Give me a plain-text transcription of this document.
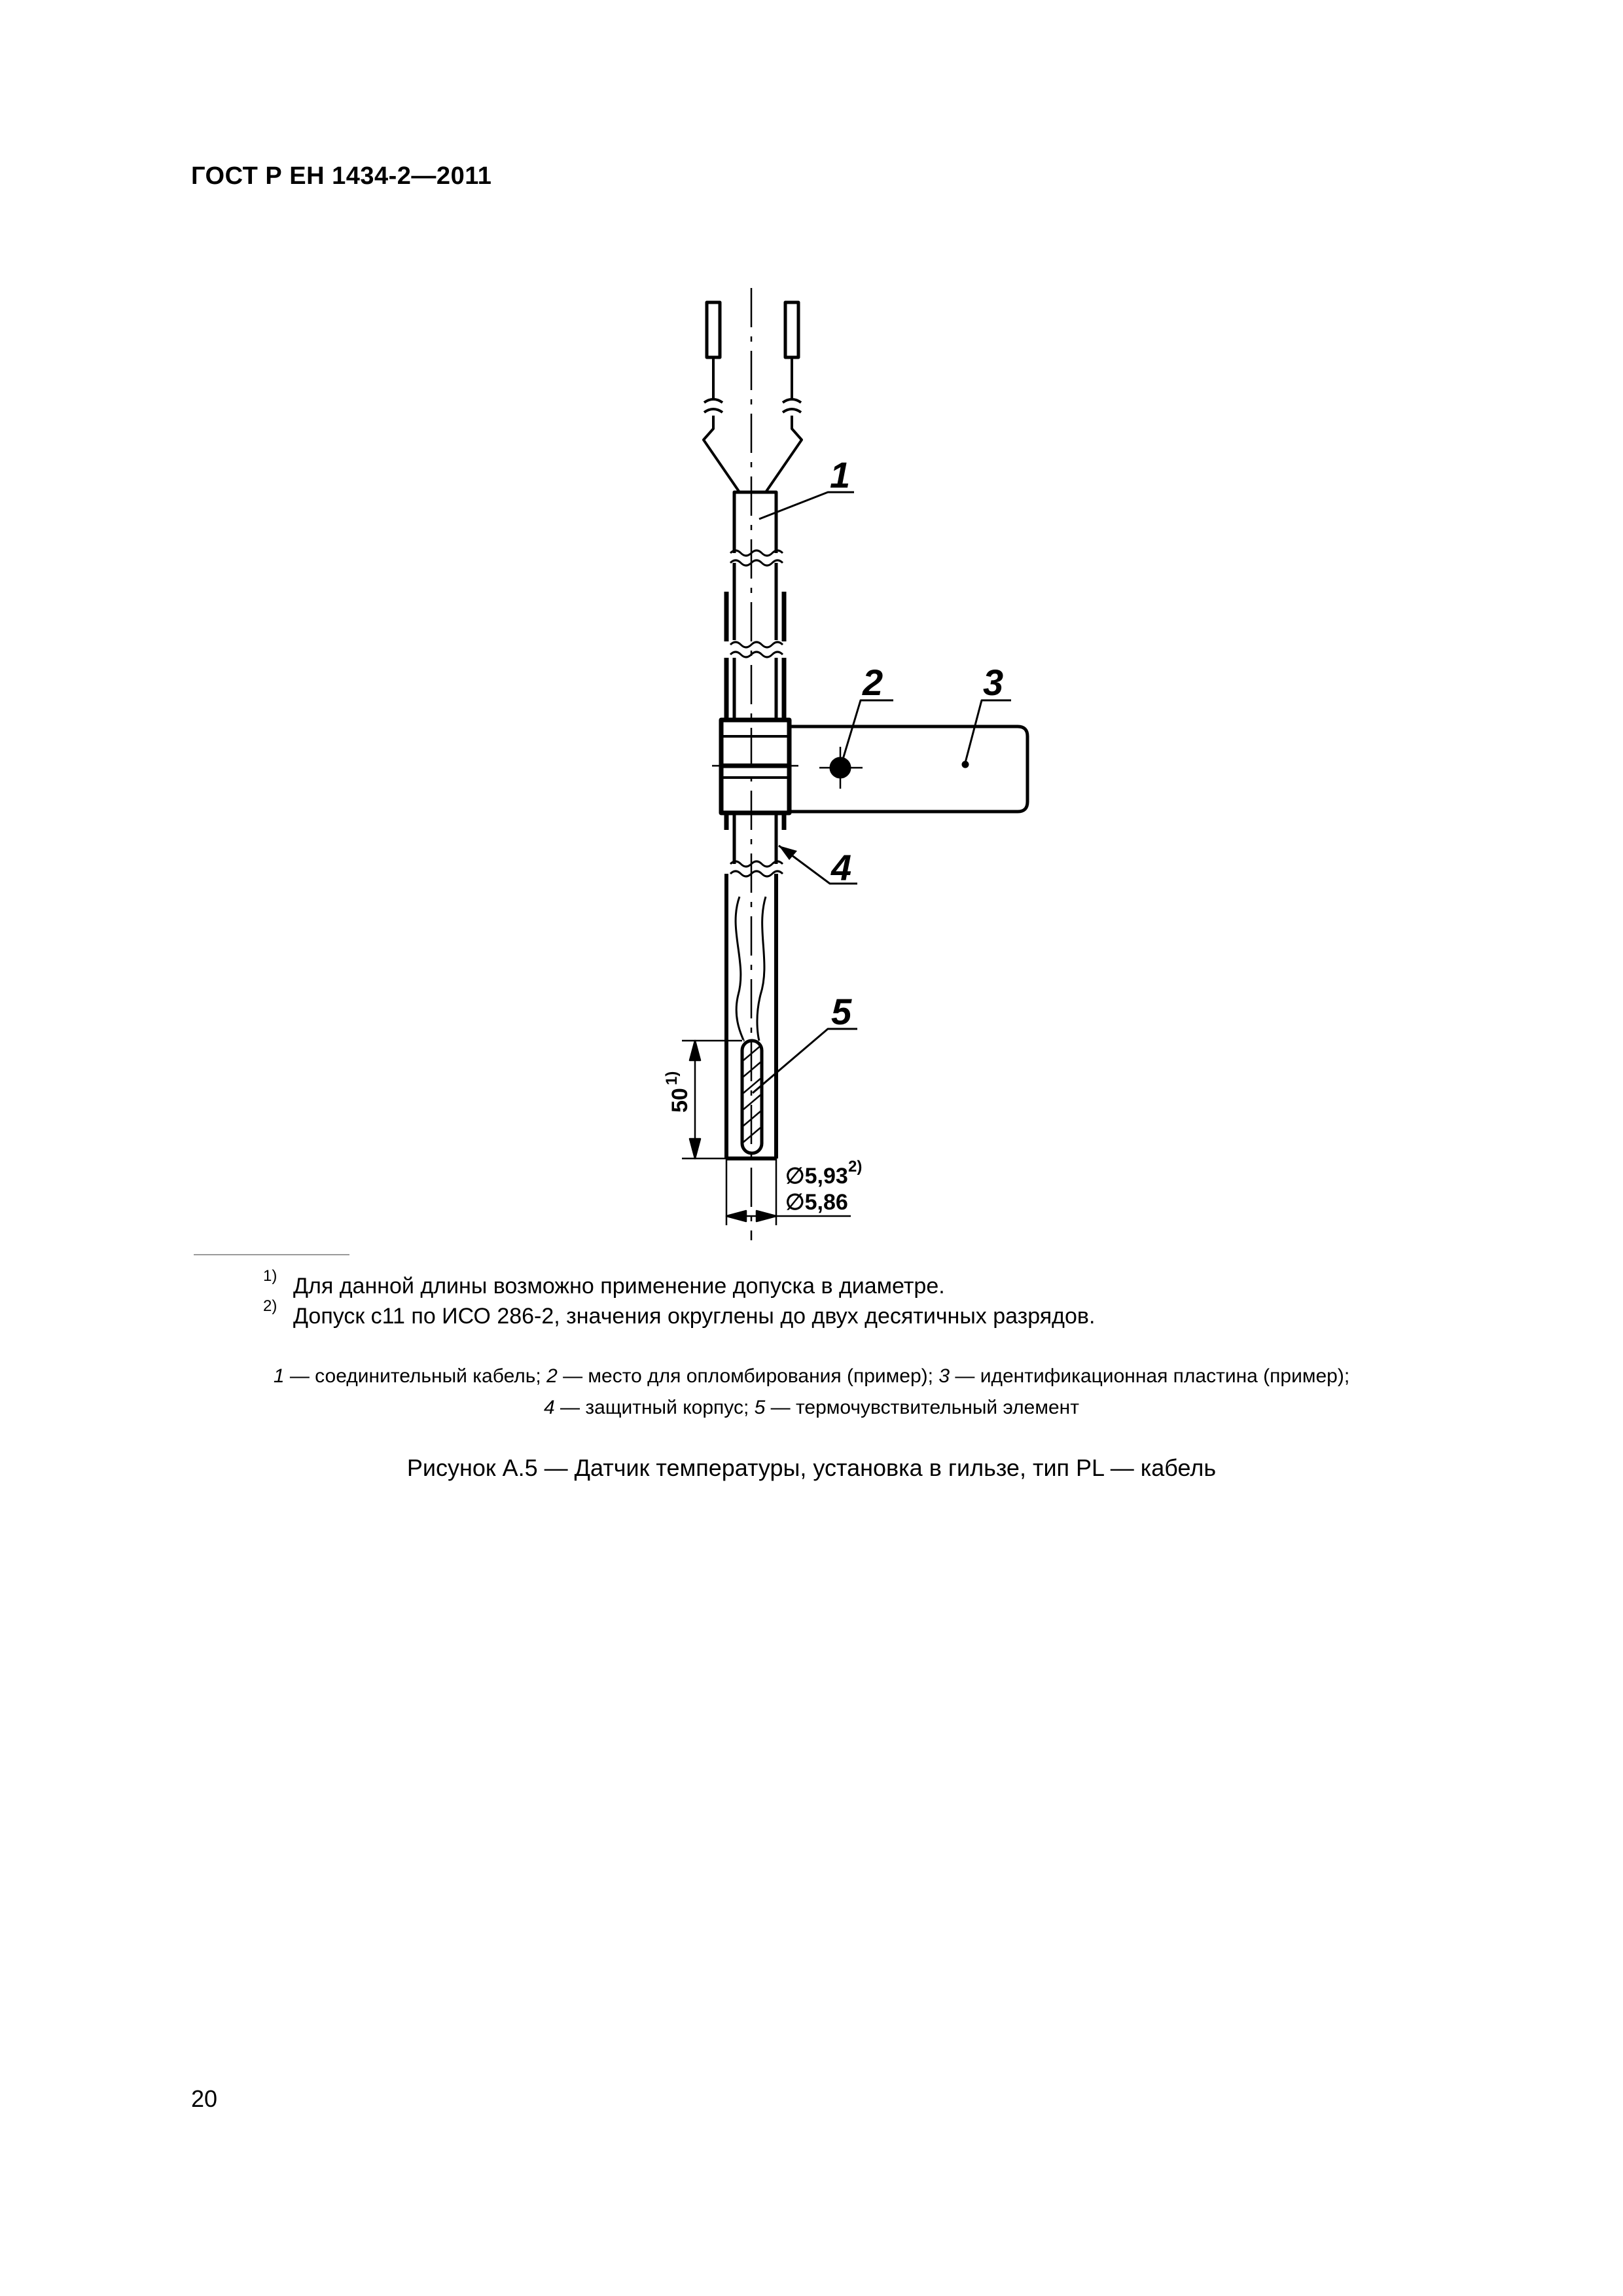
ГОСТ Р ЕН 1434-2—2011
1
2	3
4
5
50
1)
∅5,93 2)
∅5,86
1) Для данной длины возможно применение допуска в диаметре.
2) Допуск c11 по ИСО 286-2, значения округлены до двух десятичных разрядов.
1 — соединительный кабель; 2 — место для опломбирования (пример); 3 — идентификационная пластина (пример);
4 — защитный корпус; 5 — термочувствительный элемент
Рисунок А.5 — Датчик температуры, установка в гильзе, тип PL — кабель
20
